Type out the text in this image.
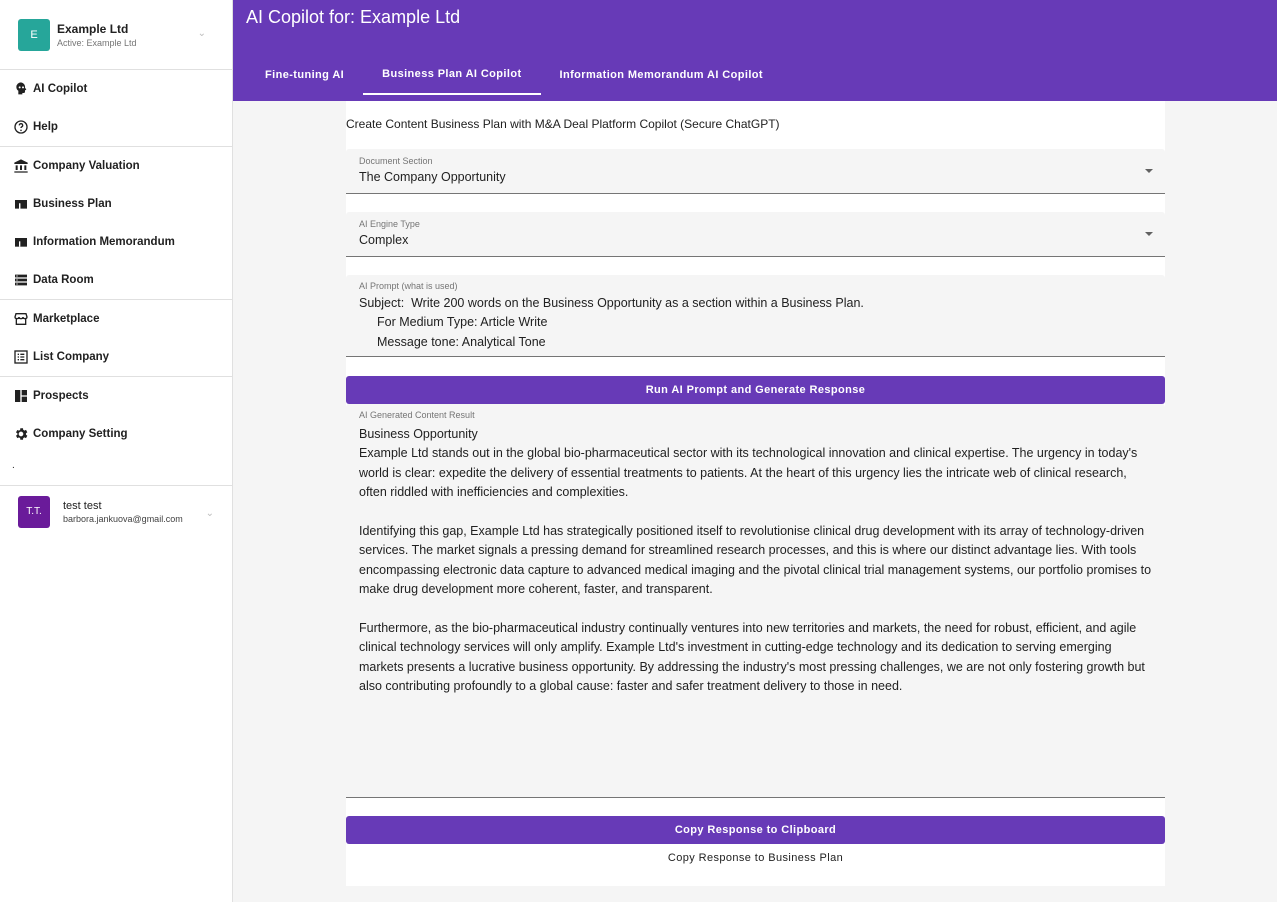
E	Example Ltd
Active: Example Ltd
⌄
AI Copilot
Help
Company Valuation
Business Plan
Information Memorandum
Data Room
Marketplace
List Company
Prospects
Company Setting
.
T.T.	test test
barbora.jankuova@gmail.com ⌄
AI Copilot for: Example Ltd
Fine-tuning AI	Business Plan AI Copilot	Information Memorandum AI Copilot
Create Content Business Plan with M&A Deal Platform Copilot (Secure ChatGPT)
Document Section
The Company Opportunity
AI Engine Type
Complex
AI Prompt (what is used)
Subject:  Write 200 words on the Business Opportunity as a section within a Business Plan.
For Medium Type: Article Write
Message tone: Analytical Tone
Run AI Prompt and Generate Response
AI Generated Content Result
Business Opportunity

Example Ltd stands out in the global bio-pharmaceutical sector with its technological innovation and clinical expertise. The urgency in today's world is clear: expedite the delivery of essential treatments to patients. At the heart of this urgency lies the intricate web of clinical research, often riddled with inefficiencies and complexities.

Identifying this gap, Example Ltd has strategically positioned itself to revolutionise clinical drug development with its array of technology-driven services. The market signals a pressing demand for streamlined research processes, and this is where our distinct advantage lies. With tools encompassing electronic data capture to advanced medical imaging and the pivotal clinical trial management systems, our portfolio promises to make drug development more coherent, faster, and transparent.

Furthermore, as the bio-pharmaceutical industry continually ventures into new territories and markets, the need for robust, efficient, and agile clinical technology services will only amplify. Example Ltd's investment in cutting-edge technology and its dedication to serving emerging markets presents a lucrative business opportunity. By addressing the industry's most pressing challenges, we are not only fostering growth but also contributing profoundly to a global cause: faster and safer treatment delivery to those in need.

Copy Response to Clipboard
Copy Response to Business Plan
